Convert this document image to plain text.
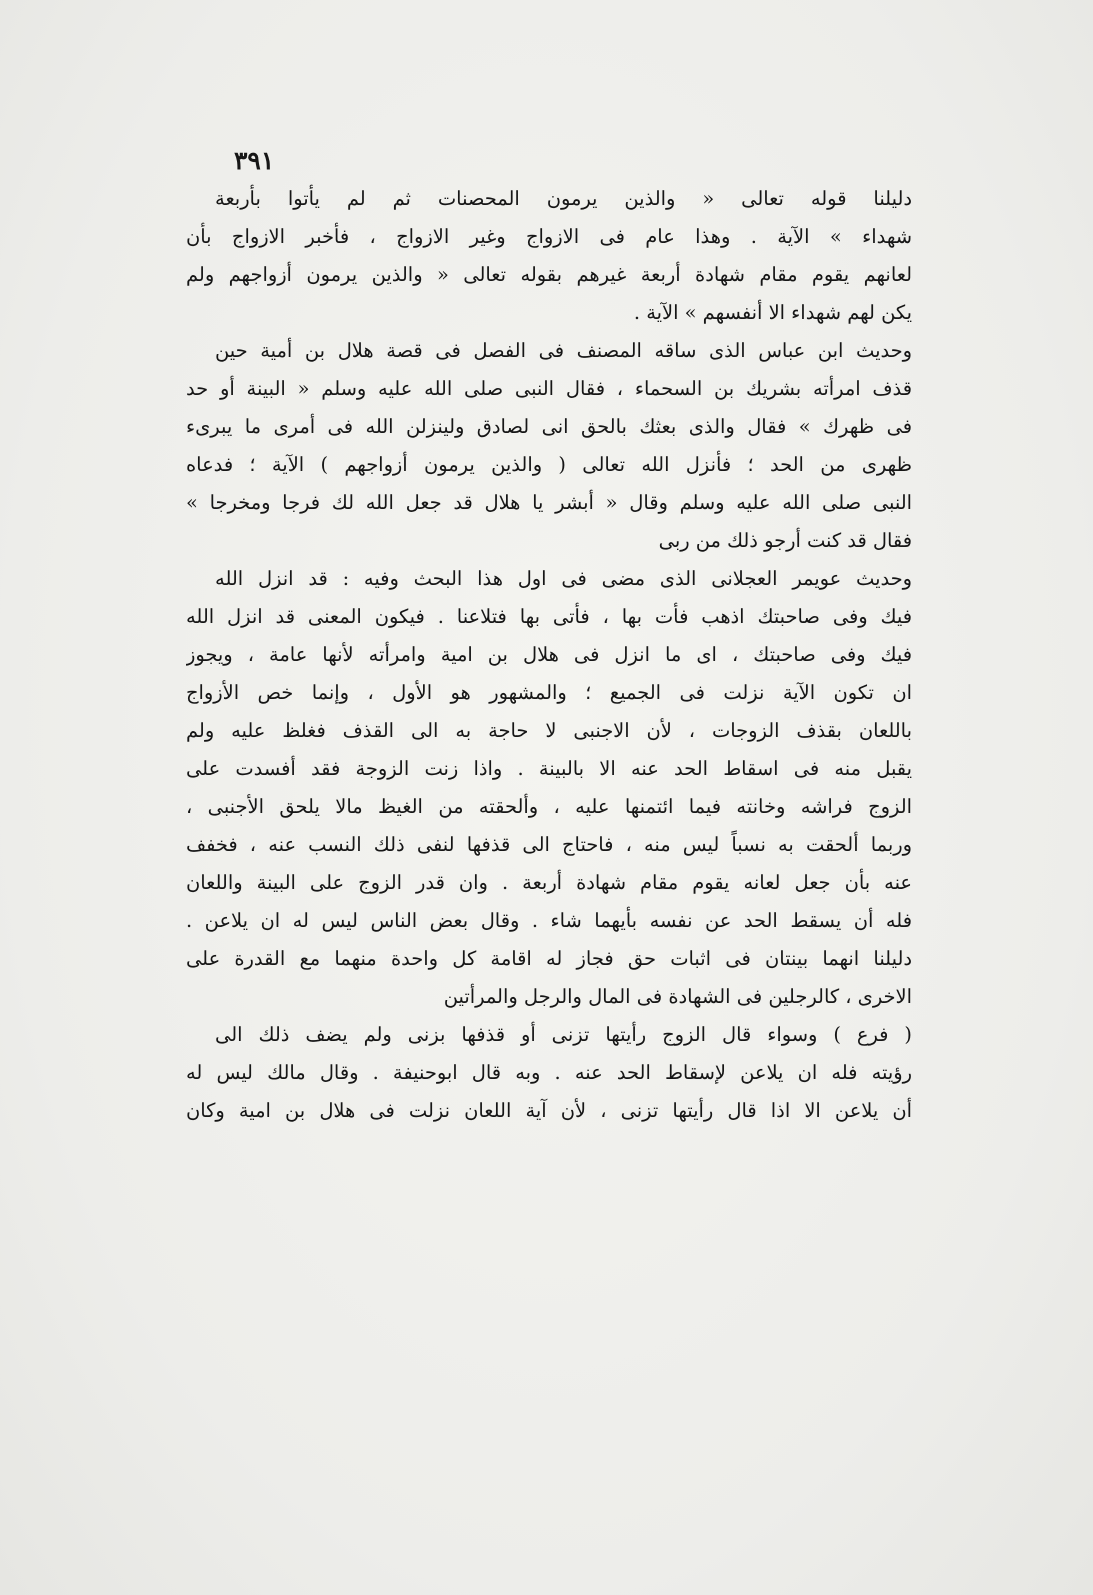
٣٩١
دليلنا قوله تعالى « والذين يرمون المحصنات ثم لم يأتوا بأربعة
شهداء » الآية . وهذا عام فى الازواج وغير الازواج ، فأخبر الازواج بأن
لعانهم يقوم مقام شهادة أربعة غيرهم بقوله تعالى « والذين يرمون أزواجهم ولم
يكن لهم شهداء الا أنفسهم » الآية .
وحديث ابن عباس الذى ساقه المصنف فى الفصل فى قصة هلال بن أمية حين
قذف امرأته بشريك بن السحماء ، فقال النبى صلى الله عليه وسلم « البينة أو حد
فى ظهرك » فقال والذى بعثك بالحق انى لصادق ولينزلن الله فى أمرى ما يبرىء
ظهرى من الحد ؛ فأنزل الله تعالى ( والذين يرمون أزواجهم ) الآية ؛ فدعاه
النبى صلى الله عليه وسلم وقال « أبشر يا هلال قد جعل الله لك فرجا ومخرجا »
فقال قد كنت أرجو ذلك من ربى
وحديث عويمر العجلانى الذى مضى فى اول هذا البحث وفيه : قد انزل الله
فيك وفى صاحبتك اذهب فأت بها ، فأتى بها فتلاعنا . فيكون المعنى قد انزل الله
فيك وفى صاحبتك ، اى ما انزل فى هلال بن امية وامرأته لأنها عامة ، ويجوز
ان تكون الآية نزلت فى الجميع ؛ والمشهور هو الأول ، وإنما خص الأزواج
باللعان بقذف الزوجات ، لأن الاجنبى لا حاجة به الى القذف فغلظ عليه ولم
يقبل منه فى اسقاط الحد عنه الا بالبينة . واذا زنت الزوجة فقد أفسدت على
الزوج فراشه وخانته فيما ائتمنها عليه ، وألحقته من الغيظ مالا يلحق الأجنبى ،
وربما ألحقت به نسباً ليس منه ، فاحتاج الى قذفها لنفى ذلك النسب عنه ، فخفف
عنه بأن جعل لعانه يقوم مقام شهادة أربعة . وان قدر الزوج على البينة واللعان
فله أن يسقط الحد عن نفسه بأيهما شاء . وقال بعض الناس ليس له ان يلاعن .
دليلنا انهما بينتان فى اثبات حق فجاز له اقامة كل واحدة منهما مع القدرة على
الاخرى ، كالرجلين فى الشهادة فى المال والرجل والمرأتين
( فرع ) وسواء قال الزوج رأيتها تزنى أو قذفها بزنى ولم يضف ذلك الى
رؤيته فله ان يلاعن لإسقاط الحد عنه . وبه قال ابوحنيفة . وقال مالك ليس له
أن يلاعن الا اذا قال رأيتها تزنى ، لأن آية اللعان نزلت فى هلال بن امية وكان
